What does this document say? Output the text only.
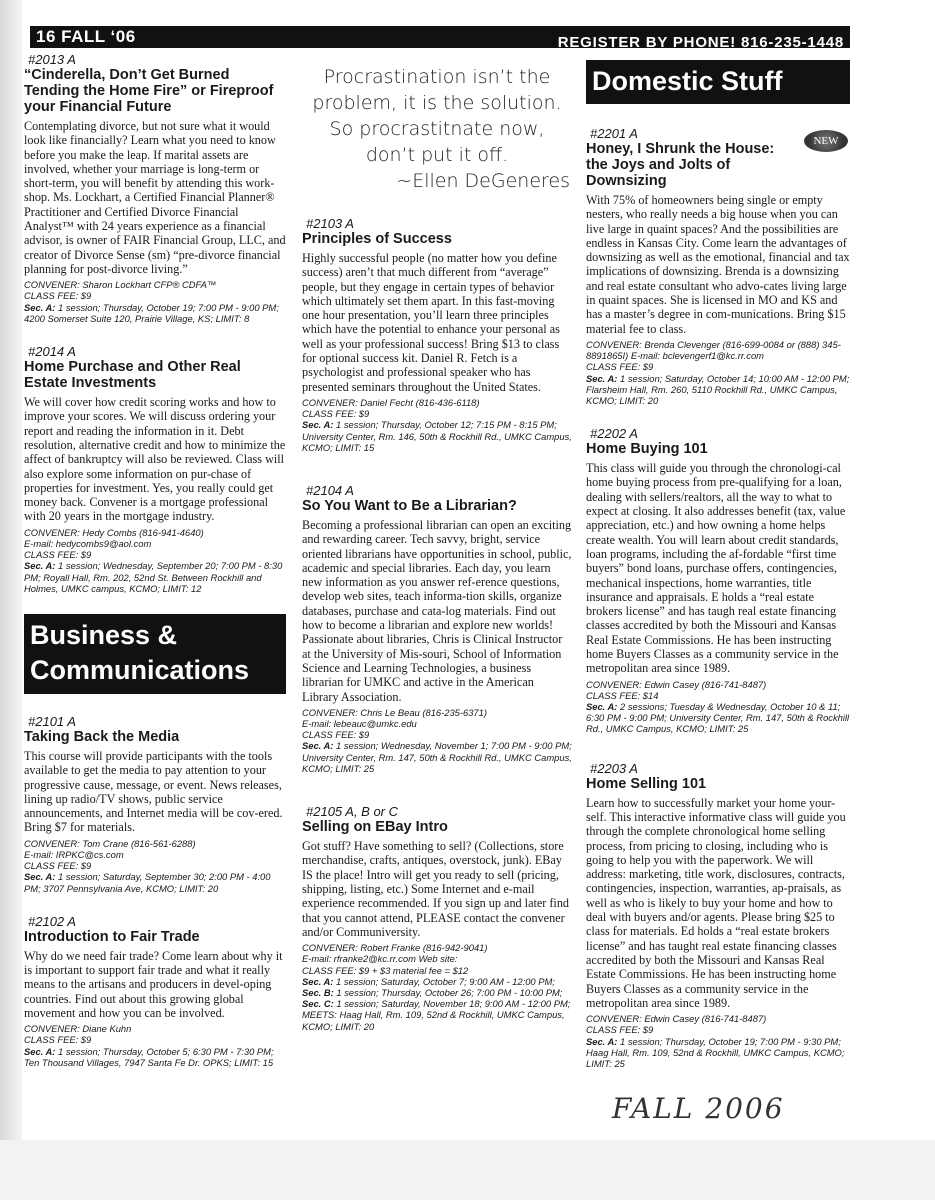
16 FALL ‘06	REGISTER BY PHONE! 816-235-1448

#2013 A

“Cinderella, Don’t Get Burned Tending the Home Fire” or Fireproof your Financial Future

Contemplating divorce, but not sure what it would look like financially? Learn what you need to know before you make the leap. If marital assets are involved, whether your marriage is long-term or short-term, you will benefit by attending this work-shop. Ms. Lockhart, a Certified Financial Planner® Practitioner and Certified Divorce Financial Analyst™ with 24 years experience as a financial advisor, is owner of FAIR Financial Group, LLC, and creator of Divorce Sense (sm) “pre-divorce financial planning for post-divorce living.”

CONVENER: Sharon Lockhart CFP® CDFA™

CLASS FEE: $9

Sec. A: 1 session; Thursday, October 19; 7:00 PM - 9:00 PM; 4200 Somerset Suite 120, Prairie Village, KS; LIMIT: 8

#2014 A

Home Purchase and Other Real Estate Investments

We will cover how credit scoring works and how to improve your scores. We will discuss ordering your report and reading the information in it. Debt resolution, alternative credit and how to minimize the affect of bankruptcy will also be reviewed. Class will also explore some information on pur-chase of properties for investment. Yes, you really could get money back. Convener is a mortgage professional with 20 years in the mortgage industry.

CONVENER: Hedy Combs (816-941-4640)

E-mail: hedycombs9@aol.com

CLASS FEE: $9

Sec. A: 1 session; Wednesday, September 20; 7:00 PM - 8:30 PM; Royall Hall, Rm. 202, 52nd St. Between Rockhill and Holmes, UMKC campus, KCMO; LIMIT: 12

Business & Communications

#2101 A

Taking Back the Media

This course will provide participants with the tools available to get the media to pay attention to your progressive cause, message, or event. News releases, lining up radio/TV shows, public service announcements, and Internet media will be cov-ered. Bring $7 for materials.

CONVENER: Tom Crane (816-561-6288)

E-mail: IRPKC@cs.com

CLASS FEE: $9

Sec. A: 1 session; Saturday, September 30; 2:00 PM - 4:00 PM; 3707 Pennsylvania Ave, KCMO; LIMIT: 20

#2102 A

Introduction to Fair Trade

Why do we need fair trade? Come learn about why it is important to support fair trade and what it really means to the artisans and producers in devel-oping countries. Find out about this growing global movement and how you can be involved.

CONVENER: Diane Kuhn

CLASS FEE: $9

Sec. A: 1 session; Thursday, October 5; 6:30 PM - 7:30 PM; Ten Thousand Villages, 7947 Santa Fe Dr. OPKS; LIMIT: 15

Procrastination isn’t the
problem, it is the solution.
So procrastitnate now,
don’t put it off.
~Ellen DeGeneres

#2103 A

Principles of Success

Highly successful people (no matter how you define success) aren’t that much different from “average” people, but they engage in certain types of behavior which ultimately set them apart. In this fast-moving one hour presentation, you’ll learn three principles which have the potential to enhance your personal as well as your professional success! Bring $13 to class for optional success kit. Daniel R. Fetch is a psychologist and professional speaker who has presented seminars throughout the United States.

CONVENER: Daniel Fecht (816-436-6118)

CLASS FEE: $9

Sec. A: 1 session; Thursday, October 12; 7:15 PM - 8:15 PM; University Center, Rm. 146, 50th & Rockhill Rd., UMKC Campus, KCMO; LIMIT: 15

#2104 A

So You Want to Be a Librarian?

Becoming a professional librarian can open an exciting and rewarding career. Tech savvy, bright, service oriented librarians have opportunities in school, public, academic and special libraries. Each day, you learn new information as you answer ref-erence questions, develop web sites, teach informa-tion skills, organize databases, purchase and cata-log materials. Find out how to become a librarian and explore new worlds! Passionate about libraries, Chris is Clinical Instructor at the University of Mis-souri, School of Information Science and Learning Technologies, a business librarian for UMKC and active in the American Library Association.

CONVENER: Chris Le Beau (816-235-6371)

E-mail: lebeauc@umkc.edu

CLASS FEE: $9

Sec. A: 1 session; Wednesday, November 1; 7:00 PM - 9:00 PM; University Center, Rm. 147, 50th & Rockhill Rd., UMKC Campus, KCMO; LIMIT: 25

#2105 A, B or C

Selling on EBay Intro

Got stuff? Have something to sell? (Collections, store merchandise, crafts, antiques, overstock, junk). EBay IS the place! Intro will get you ready to sell (pricing, shipping, listing, etc.) Some Internet and e-mail experience recommended. If you sign up and later find that you cannot attend, PLEASE contact the convener and/or Communiversity.

CONVENER: Robert Franke (816-942-9041)

E-mail: rfranke2@kc.rr.com Web site:

CLASS FEE: $9 + $3 material fee = $12

Sec. A: 1 session; Saturday, October 7; 9:00 AM - 12:00 PM;

Sec. B: 1 session; Thursday, October 26; 7:00 PM - 10:00 PM;

Sec. C: 1 session; Saturday, November 18; 9:00 AM - 12:00 PM;

MEETS: Haag Hall, Rm. 109, 52nd & Rockhill, UMKC Campus, KCMO; LIMIT: 20

Domestic Stuff
NEW

#2201 A

Honey, I Shrunk the House: the Joys and Jolts of Downsizing

With 75% of homeowners being single or empty nesters, who really needs a big house when you can live large in quaint spaces? And the possibilities are endless in Kansas City. Come learn the advantages of downsizing as well as the emotional, financial and tax implications of downsizing. Brenda is a downsizing and real estate consultant who advo-cates living large in quaint spaces. She is licensed in MO and KS and has a master’s degree in com-munications. Bring $15 material fee to class.

CONVENER: Brenda Clevenger (816-699-0084 or (888) 345-8891865I) E-mail: bclevengerf1@kc.rr.com

CLASS FEE: $9

Sec. A: 1 session; Saturday, October 14; 10:00 AM - 12:00 PM; Flarsheim Hall, Rm. 260, 5110 Rockhill Rd., UMKC Campus, KCMO; LIMIT: 20

#2202 A

Home Buying 101

This class will guide you through the chronologi-cal home buying process from pre-qualifying for a loan, dealing with sellers/realtors, all the way to what to expect at closing. It also addresses benefit (tax, value appreciation, etc.) and how owning a home helps create wealth. You will learn about credit standards, loan programs, including the af-fordable “first time buyers” bond loans, purchase offers, contingencies, mechanical inspections, home warranties, title insurance and appraisals. E holds a “real estate brokers license” and has taugh real estate financing classes accredited by both the Missouri and Kansas Real Estate Commissions. He has been instructing home Buyers Classes as a community service in the metropolitan area since 1989.

CONVENER: Edwin Casey (816-741-8487)

CLASS FEE: $14

Sec. A: 2 sessions; Tuesday & Wednesday, October 10 & 11; 6:30 PM - 9:00 PM; University Center, Rm. 147, 50th & Rockhill Rd., UMKC Campus, KCMO; LIMIT: 25

#2203 A

Home Selling 101

Learn how to successfully market your home your-self. This interactive informative class will guide you through the complete chronological home selling process, from pricing to closing, including who is going to help you with the paperwork. We will address: marketing, title work, disclosures, contracts, contingencies, inspection, warranties, ap-praisals, as well as who is likely to buy your home and how to deal with buyers and/or agents. Please bring $25 to class for materials. Ed holds a “real estate brokers license” and has taught real estate financing classes accredited by both the Missouri and Kansas Real Estate Commissions. He has been instructing home Buyers Classes as a community service in the metropolitan area since 1989.

CONVENER: Edwin Casey (816-741-8487)

CLASS FEE: $9

Sec. A: 1 session; Thursday, October 19; 7:00 PM - 9:30 PM; Haag Hall, Rm. 109, 52nd & Rockhill, UMKC Campus, KCMO; LIMIT: 25

FALL 2006
